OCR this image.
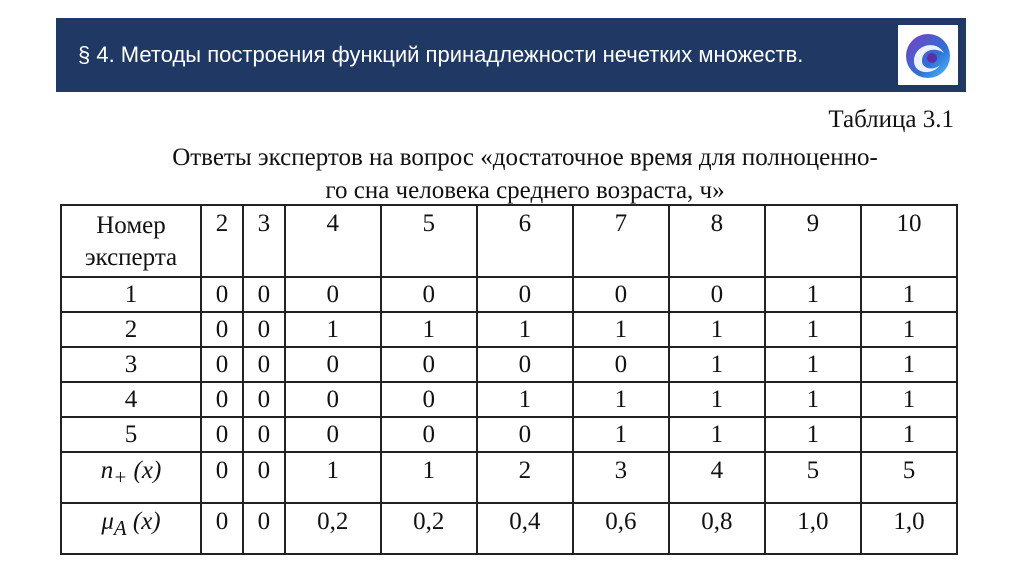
§ 4. Методы построения функций принадлежности нечетких множеств.
Таблица 3.1
Ответы экспертов на вопрос «достаточное время для полноценно-
го сна человека среднего возраста, ч»
Номер
эксперта	2	3	4	5	6	7	8	9	10
1	0	0	0	0	0	0	0	1	1
2	0	0	1	1	1	1	1	1	1
3	0	0	0	0	0	0	1	1	1
4	0	0	0	0	1	1	1	1	1
5	0	0	0	0	0	1	1	1	1
$n_+$ (x)	0	0	1	1	2	3	4	5	5
$\mu_A$ (x)	0	0	0,2	0,2	0,4	0,6	0,8	1,0	1,0
